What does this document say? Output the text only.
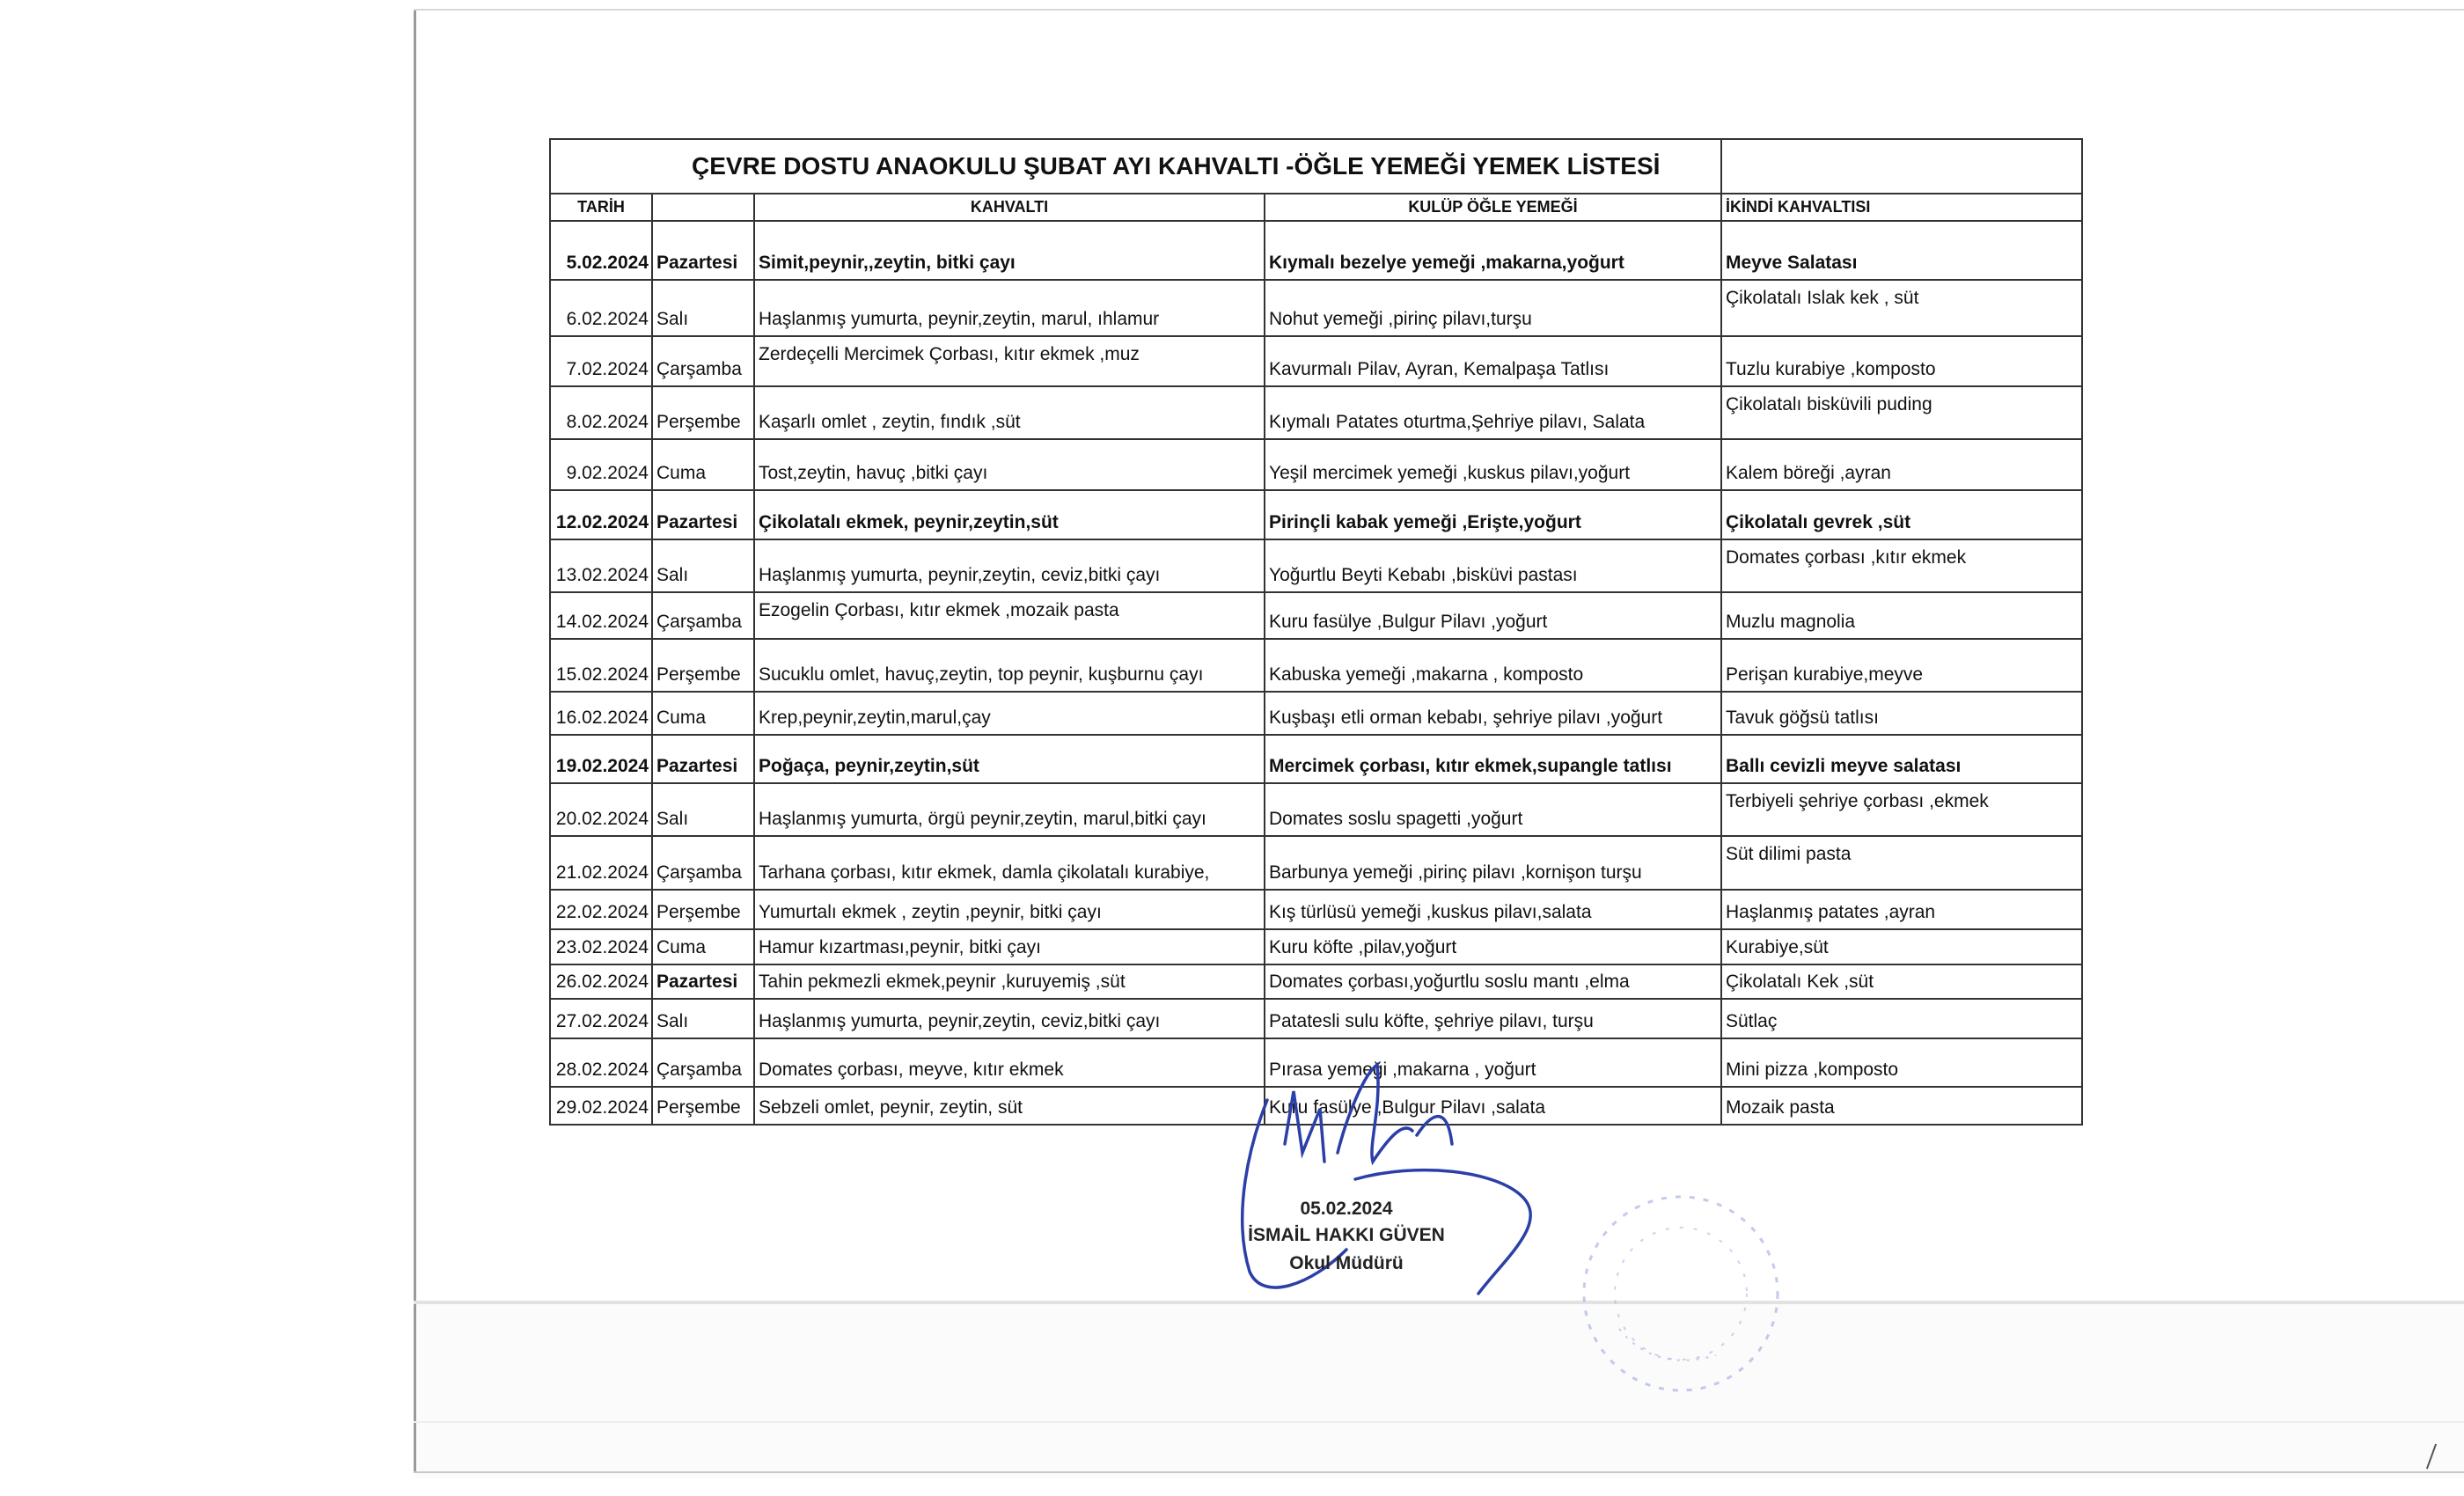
ÇEVRE DOSTU ANAOKULU ŞUBAT AYI KAHVALTI -ÖĞLE YEMEĞİ YEMEK LİSTESİ				
TARİH		KAHVALTI	KULÜP ÖĞLE YEMEĞİ	İKİNDİ KAHVALTISI
5.02.2024	Pazartesi	Simit,peynir,,zeytin, bitki çayı	Kıymalı bezelye yemeği ,makarna,yoğurt	Meyve Salatası
6.02.2024	Salı	Haşlanmış yumurta, peynir,zeytin, marul, ıhlamur	Nohut yemeği ,pirinç pilavı,turşu	Çikolatalı Islak kek , süt
7.02.2024	Çarşamba	Zerdeçelli Mercimek Çorbası, kıtır ekmek ,muz	Kavurmalı Pilav, Ayran, Kemalpaşa Tatlısı	Tuzlu kurabiye ,komposto
8.02.2024	Perşembe	Kaşarlı omlet , zeytin, fındık ,süt	Kıymalı Patates oturtma,Şehriye pilavı, Salata	Çikolatalı bisküvili puding
9.02.2024	Cuma	Tost,zeytin, havuç ,bitki çayı	Yeşil mercimek yemeği ,kuskus pilavı,yoğurt	Kalem böreği ,ayran
12.02.2024	Pazartesi	Çikolatalı ekmek, peynir,zeytin,süt	Pirinçli kabak yemeği ,Erişte,yoğurt	Çikolatalı gevrek ,süt
13.02.2024	Salı	Haşlanmış yumurta, peynir,zeytin, ceviz,bitki çayı	Yoğurtlu Beyti Kebabı ,bisküvi pastası	Domates çorbası ,kıtır ekmek
14.02.2024	Çarşamba	Ezogelin Çorbası, kıtır ekmek ,mozaik pasta	Kuru fasülye ,Bulgur Pilavı ,yoğurt	Muzlu magnolia
15.02.2024	Perşembe	Sucuklu omlet, havuç,zeytin, top peynir, kuşburnu çayı	Kabuska yemeği ,makarna , komposto	Perişan kurabiye,meyve
16.02.2024	Cuma	Krep,peynir,zeytin,marul,çay	Kuşbaşı etli orman kebabı, şehriye pilavı ,yoğurt	Tavuk göğsü tatlısı
19.02.2024	Pazartesi	Poğaça, peynir,zeytin,süt	Mercimek çorbası, kıtır ekmek,supangle tatlısı	Ballı cevizli meyve salatası
20.02.2024	Salı	Haşlanmış yumurta, örgü peynir,zeytin, marul,bitki çayı	Domates soslu spagetti ,yoğurt	Terbiyeli şehriye çorbası ,ekmek
21.02.2024	Çarşamba	Tarhana çorbası, kıtır ekmek, damla çikolatalı kurabiye,	Barbunya yemeği ,pirinç pilavı ,kornişon turşu	Süt dilimi pasta
22.02.2024	Perşembe	Yumurtalı ekmek , zeytin ,peynir, bitki çayı	Kış türlüsü yemeği ,kuskus pilavı,salata	Haşlanmış patates ,ayran
23.02.2024	Cuma	Hamur kızartması,peynir, bitki çayı	Kuru köfte ,pilav,yoğurt	Kurabiye,süt
26.02.2024	Pazartesi	Tahin pekmezli ekmek,peynir ,kuruyemiş ,süt	Domates çorbası,yoğurtlu soslu mantı ,elma	Çikolatalı Kek ,süt
27.02.2024	Salı	Haşlanmış yumurta, peynir,zeytin, ceviz,bitki çayı	Patatesli sulu köfte, şehriye pilavı, turşu	Sütlaç
28.02.2024	Çarşamba	Domates çorbası, meyve, kıtır ekmek	Pırasa yemeği ,makarna , yoğurt	Mini pizza ,komposto
29.02.2024	Perşembe	Sebzeli omlet, peynir, zeytin, süt	Kuru fasülye ,Bulgur Pilavı ,salata	Mozaik pasta
05.02.2024
İSMAİL HAKKI GÜVEN
Okul Müdürü
